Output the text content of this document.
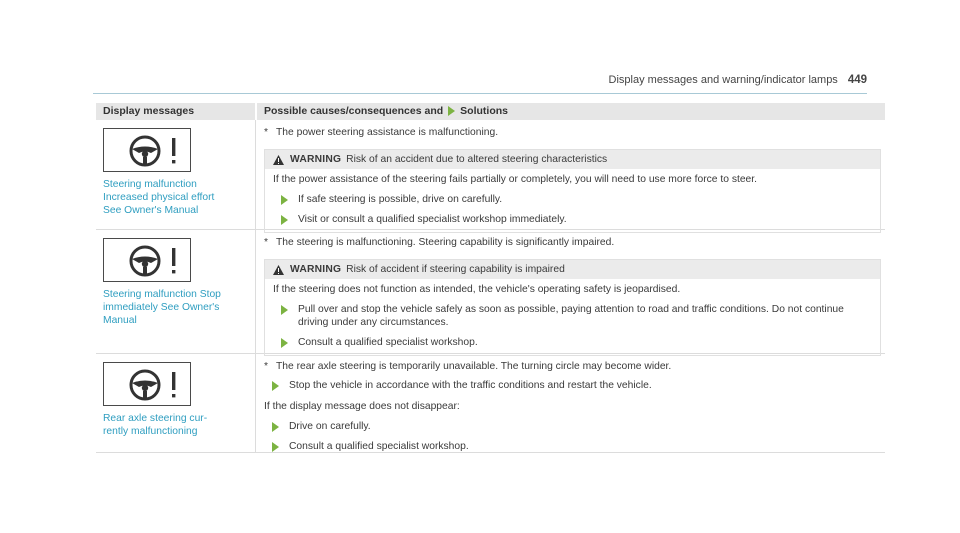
Display messages and warning/indicator lamps 449
Display messages	Possible causes/consequences and Solutions
Steering malfunction
Increased physical effort
See Owner's Manual
* The power steering assistance is malfunctioning.
WARNING Risk of an accident due to altered steering characteristics
If the power assistance of the steering fails partially or completely, you will need to use more force to steer.
If safe steering is possible, drive on carefully.
Visit or consult a qualified specialist workshop immediately.
Steering malfunction Stop
immediately See Owner's
Manual
* The steering is malfunctioning. Steering capability is significantly impaired.
WARNING Risk of accident if steering capability is impaired
If the steering does not function as intended, the vehicle's operating safety is jeopardised.
Pull over and stop the vehicle safely as soon as possible, paying attention to road and traffic conditions. Do not continue driving under any circumstances.
Consult a qualified specialist workshop.
Rear axle steering cur-
rently malfunctioning
* The rear axle steering is temporarily unavailable. The turning circle may become wider.
Stop the vehicle in accordance with the traffic conditions and restart the vehicle.
If the display message does not disappear:
Drive on carefully.
Consult a qualified specialist workshop.
